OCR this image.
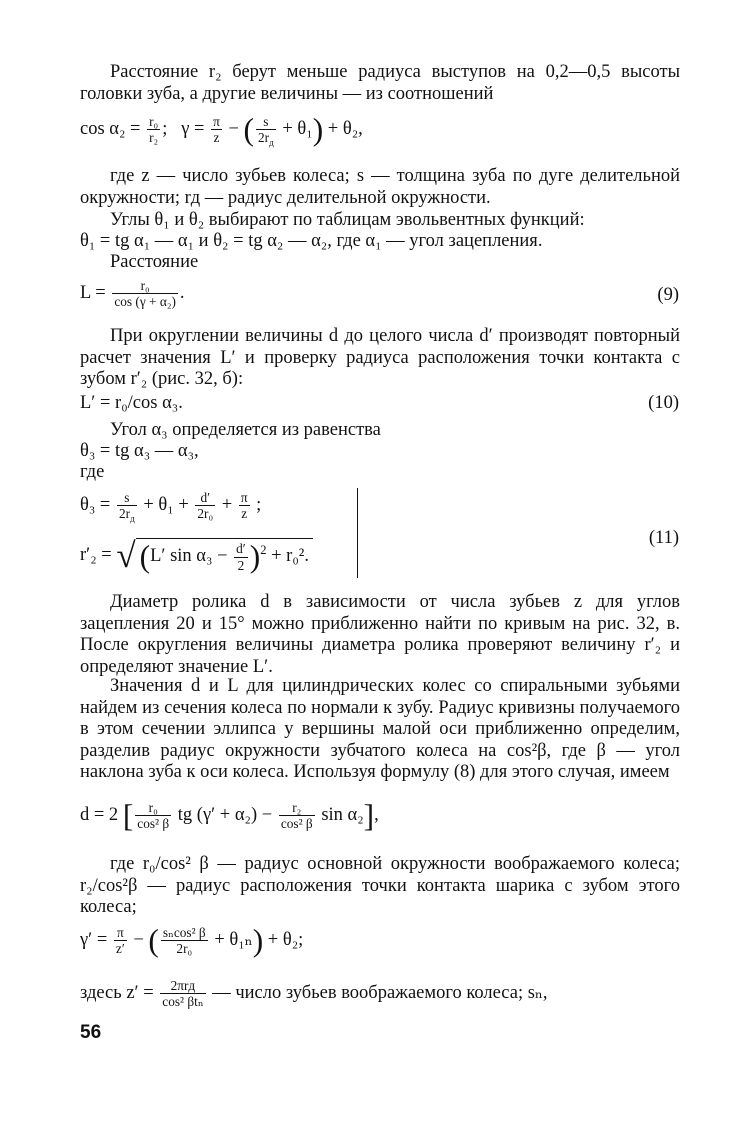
Расстояние r₂ берут меньше радиуса выступов на 0,2—0,5 высоты головки зуба, а другие величины — из соотношений
$\cos \alpha_2 = \frac{\text{r₀}}{\text{r₂}}$ ; $\gamma = \frac{\pi}{z}$ − ( $\frac{s}{2r_д} + \theta_1) + \theta_2$,
где z — число зубьев колеса; s — толщина зуба по дуге делительной окружности; rд — радиус делительной окружности.
Углы θ₁ и θ₂ выбирают по таблицам эвольвентных функций:
θ₁ = tg α₁ — α₁ и θ₂ = tg α₂ — α₂, где α₁ — угол зацепления.
Расстояние
$L = \frac{\text{r₀}}{\text{cos (γ + α₂)}}$ .	(9)
При округлении величины d до целого числа d′ производят повторный расчет значения L′ и проверку радиуса расположения точки контакта с зубом r′₂ (рис. 32, б):
L′ = r₀/cos α₃.	(10)
Угол α₃ определяется из равенства
θ₃ = tg α₃ — α₃,
где
$\theta_3 = \frac{s}{2r_д} + \theta_1 + \frac{d'}{\text{2r₀}} + \frac{\pi}{z}$ ;
r′₂ = √ (L′ $\sin \alpha_3 - \frac{d'}{2} )^2 + r_0^2$.
(11)
Диаметр ролика d в зависимости от числа зубьев z для углов зацепления 20 и 15° можно приближенно найти по кривым на рис. 32, в. После округления величины диаметра ролика проверяют величину r′₂ и определяют значение L′.
Значения d и L для цилиндрических колес со спиральными зубьями найдем из сечения колеса по нормали к зубу. Радиус кривизны получаемого в этом сечении эллипса у вершины малой оси приближенно определим, разделив радиус окружности зубчатого колеса на cos²β, где β — угол наклона зуба к оси колеса. Используя формулу (8) для этого случая, имеем
d = 2 [ $\frac{\text{r₀}}{\text{cos² β}}$ tg $(\gamma' + \alpha_2) - \frac{\text{r₂}}{\text{cos² β}}$ sin α₂],
где r₀/cos² β — радиус основной окружности воображаемого колеса; r₂/cos²β — радиус расположения точки контакта шарика с зубом этого колеса;
$\gamma' = \frac{\pi}{z'}$ − ( $\frac{\text{sₙcos² β}}{\text{2r₀}} + \theta_{1n}) + \theta_2$;
здесь $z' = \frac{\text{2πrд}}{\text{cos² βtₙ}}$ — число зубьев воображаемого колеса; sₙ,
56
